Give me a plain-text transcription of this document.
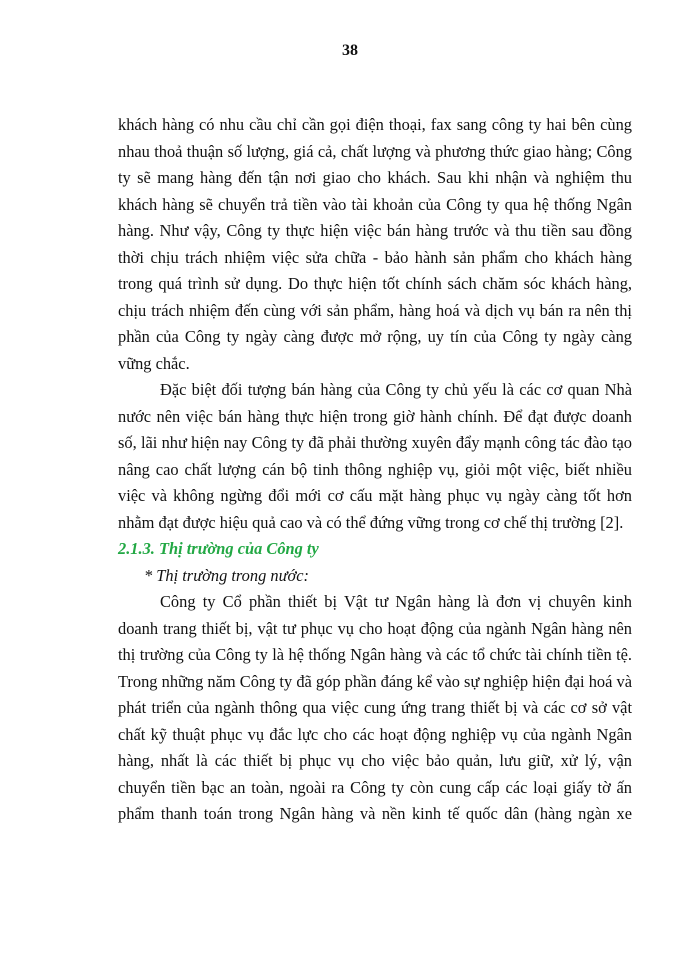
38

khách hàng có nhu cầu chỉ cần gọi điện thoại, fax sang công ty hai bên cùng
nhau thoả thuận số lượng, giá cả, chất lượng và phương thức giao hàng; Công
ty sẽ mang hàng đến tận nơi giao cho khách. Sau khi nhận và nghiệm thu
khách hàng sẽ chuyển trả tiền vào tài khoản của Công ty qua hệ thống Ngân
hàng. Như vậy, Công ty thực hiện việc bán hàng trước và thu tiền sau đồng
thời chịu trách nhiệm việc sửa chữa - bảo hành sản phẩm cho khách hàng
trong quá trình sử dụng. Do thực hiện tốt chính sách chăm sóc khách hàng,
chịu trách nhiệm đến cùng với sản phẩm, hàng hoá và dịch vụ bán ra nên thị
phần của Công ty ngày càng được mở rộng, uy tín của Công ty ngày càng
vững chắc.

Đặc biệt đối tượng bán hàng của Công ty chủ yếu là các cơ quan Nhà
nước nên việc bán hàng thực hiện trong giờ hành chính. Để đạt được doanh
số, lãi như hiện nay Công ty đã phải thường xuyên đẩy mạnh công tác đào tạo
nâng cao chất lượng cán bộ tinh thông nghiệp vụ, giỏi một việc, biết nhiều
việc và không ngừng đổi mới cơ cấu mặt hàng phục vụ ngày càng tốt hơn
nhằm đạt được hiệu quả cao và có thể đứng vững trong cơ chế thị trường [2].

2.1.3. Thị trường của Công ty
* Thị trường trong nước:

Công ty Cổ phần thiết bị Vật tư Ngân hàng là đơn vị chuyên kinh
doanh trang thiết bị, vật tư phục vụ cho hoạt động của ngành Ngân hàng nên
thị trường của Công ty là hệ thống Ngân hàng và các tổ chức tài chính tiền tệ.
Trong những năm Công ty đã góp phần đáng kể vào sự nghiệp hiện đại hoá và
phát triển của ngành thông qua việc cung ứng trang thiết bị và các cơ sở vật
chất kỹ thuật phục vụ đắc lực cho các hoạt động nghiệp vụ của ngành Ngân
hàng, nhất là các thiết bị phục vụ cho việc bảo quản, lưu giữ, xử lý, vận
chuyển tiền bạc an toàn, ngoài ra Công ty còn cung cấp các loại giấy tờ ấn
phẩm thanh toán trong Ngân hàng và nền kinh tế quốc dân (hàng ngàn xe
